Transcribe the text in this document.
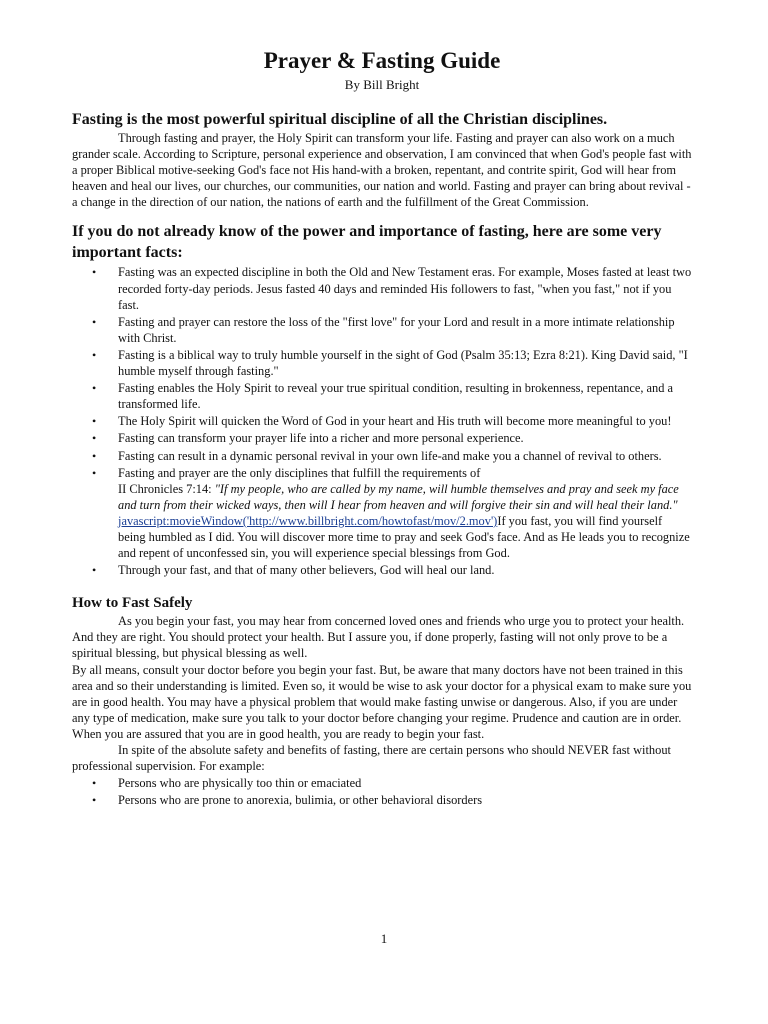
Prayer & Fasting Guide
By Bill Bright
Fasting is the most powerful spiritual discipline of all the Christian disciplines.

Through fasting and prayer, the Holy Spirit can transform your life. Fasting and prayer can also work on a much grander scale. According to Scripture, personal experience and observation, I am convinced that when God's people fast with a proper Biblical motive-seeking God's face not His hand-with a broken, repentant, and contrite spirit, God will hear from heaven and heal our lives, our churches, our communities, our nation and world. Fasting and prayer can bring about revival - a change in the direction of our nation, the nations of earth and the fulfillment of the Great Commission.

If you do not already know of the power and importance of fasting, here are some very important facts:
• Fasting was an expected discipline in both the Old and New Testament eras. For example, Moses fasted at least two recorded forty-day periods. Jesus fasted 40 days and reminded His followers to fast, "when you fast," not if you fast.
• Fasting and prayer can restore the loss of the "first love" for your Lord and result in a more intimate relationship with Christ.
• Fasting is a biblical way to truly humble yourself in the sight of God (Psalm 35:13; Ezra 8:21). King David said, "I humble myself through fasting."
• Fasting enables the Holy Spirit to reveal your true spiritual condition, resulting in brokenness, repentance, and a transformed life.
• The Holy Spirit will quicken the Word of God in your heart and His truth will become more meaningful to you!
• Fasting can transform your prayer life into a richer and more personal experience.
• Fasting can result in a dynamic personal revival in your own life-and make you a channel of revival to others.
• Fasting and prayer are the only disciplines that fulfill the requirements of
II Chronicles 7:14: "If my people, who are called by my name, will humble themselves and pray and seek my face and turn from their wicked ways, then will I hear from heaven and will forgive their sin and will heal their land."
javascript:movieWindow('http://www.billbright.com/howtofast/mov/2.mov')If you fast, you will find yourself being humbled as I did. You will discover more time to pray and seek God's face. And as He leads you to recognize and repent of unconfessed sin, you will experience special blessings from God.
• Through your fast, and that of many other believers, God will heal our land.
How to Fast Safely

As you begin your fast, you may hear from concerned loved ones and friends who urge you to protect your health. And they are right. You should protect your health. But I assure you, if done properly, fasting will not only prove to be a spiritual blessing, but physical blessing as well.

By all means, consult your doctor before you begin your fast. But, be aware that many doctors have not been trained in this area and so their understanding is limited. Even so, it would be wise to ask your doctor for a physical exam to make sure you are in good health. You may have a physical problem that would make fasting unwise or dangerous. Also, if you are under any type of medication, make sure you talk to your doctor before changing your regime. Prudence and caution are in order.

When you are assured that you are in good health, you are ready to begin your fast.

In spite of the absolute safety and benefits of fasting, there are certain persons who should NEVER fast without professional supervision. For example:

• Persons who are physically too thin or emaciated
• Persons who are prone to anorexia, bulimia, or other behavioral disorders
1
